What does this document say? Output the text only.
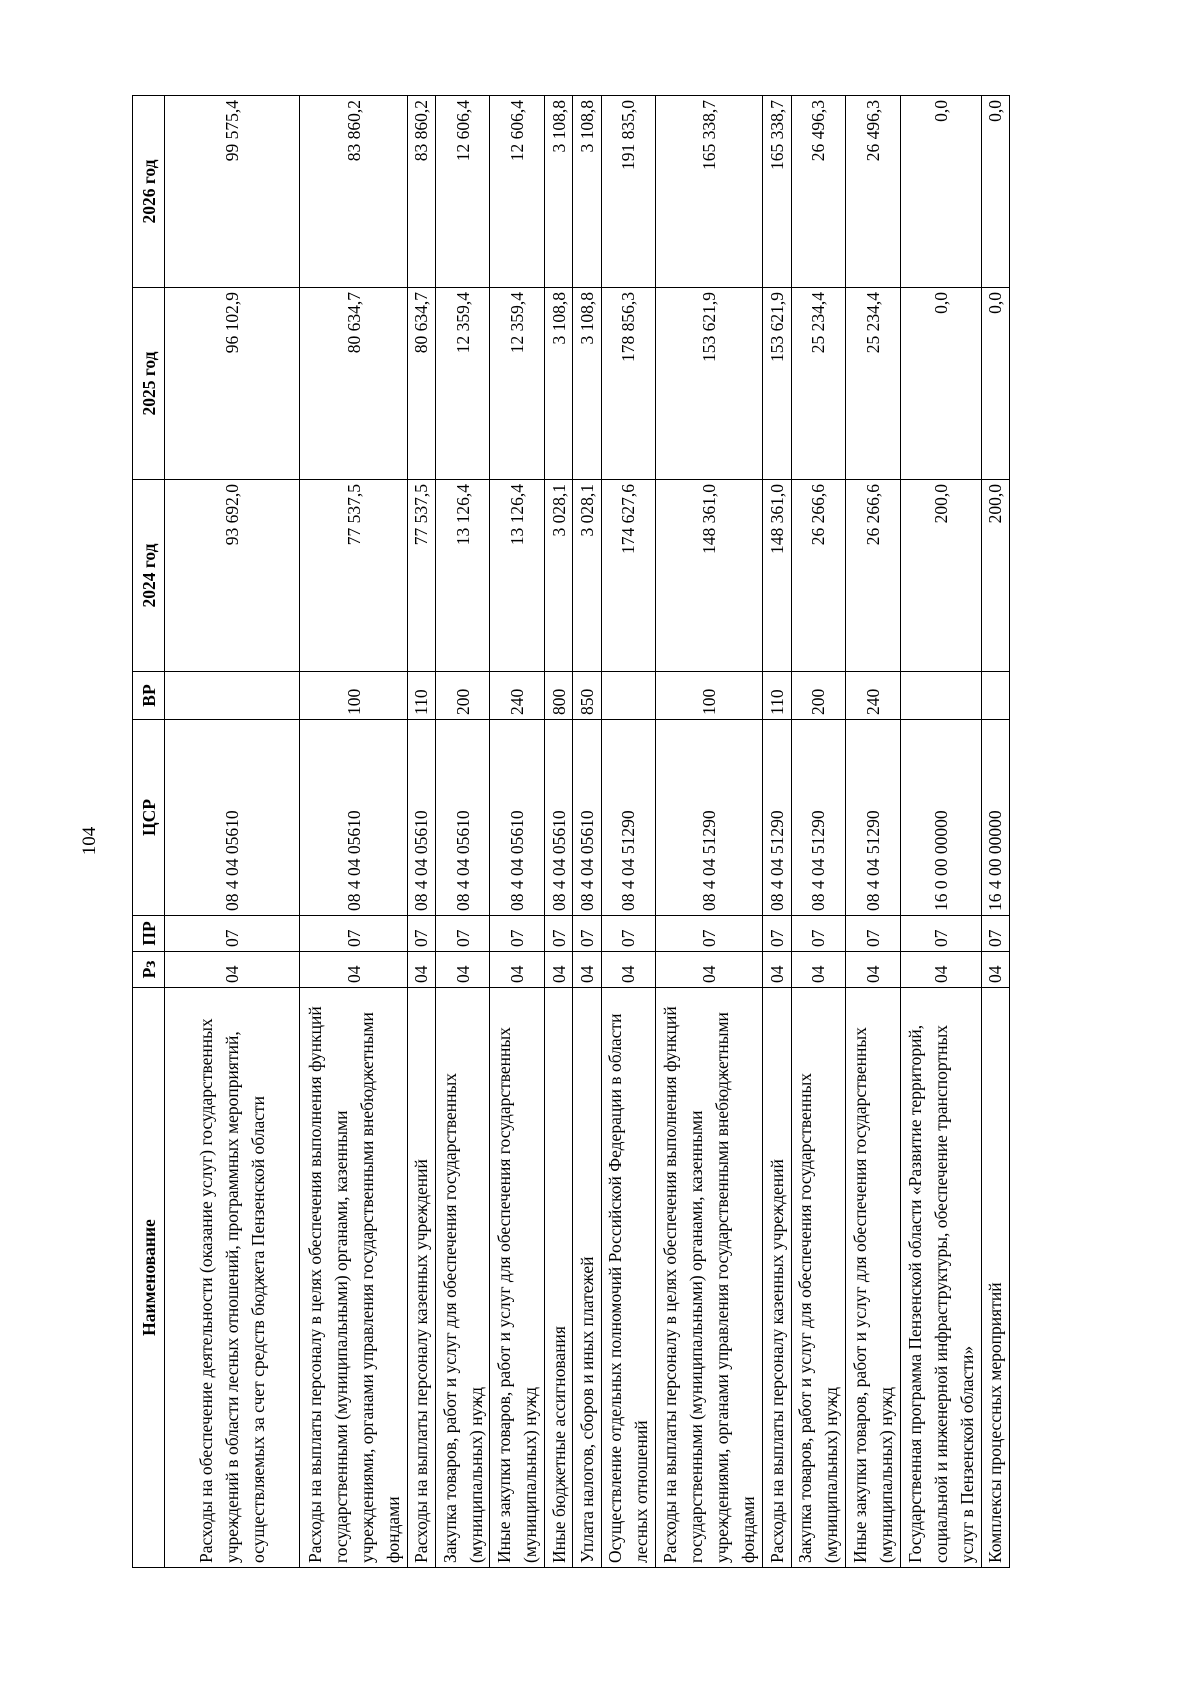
104
Наименование	Рз	ПР	ЦСР	ВР	2024 год	2025 год	2026 год
Расходы на обеспечение деятельности (оказание услуг) государственных учреждений в области лесных отношений, программных мероприятий, осуществляемых за счет средств бюджета Пензенской области	04	07	08 4 04 05610		93 692,0	96 102,9	99 575,4
Расходы на выплаты персоналу в целях обеспечения выполнения функций государственными (муниципальными) органами, казенными учреждениями, органами управления государственными внебюджетными фондами	04	07	08 4 04 05610	100	77 537,5	80 634,7	83 860,2
Расходы на выплаты персоналу казенных учреждений	04	07	08 4 04 05610	110	77 537,5	80 634,7	83 860,2
Закупка товаров, работ и услуг для обеспечения государственных (муниципальных) нужд	04	07	08 4 04 05610	200	13 126,4	12 359,4	12 606,4
Иные закупки товаров, работ и услуг для обеспечения государственных (муниципальных) нужд	04	07	08 4 04 05610	240	13 126,4	12 359,4	12 606,4
Иные бюджетные ассигнования	04	07	08 4 04 05610	800	3 028,1	3 108,8	3 108,8
Уплата налогов, сборов и иных платежей	04	07	08 4 04 05610	850	3 028,1	3 108,8	3 108,8
Осуществление отдельных полномочий Российской Федерации в области лесных отношений	04	07	08 4 04 51290		174 627,6	178 856,3	191 835,0
Расходы на выплаты персоналу в целях обеспечения выполнения функций государственными (муниципальными) органами, казенными учреждениями, органами управления государственными внебюджетными фондами	04	07	08 4 04 51290	100	148 361,0	153 621,9	165 338,7
Расходы на выплаты персоналу казенных учреждений	04	07	08 4 04 51290	110	148 361,0	153 621,9	165 338,7
Закупка товаров, работ и услуг для обеспечения государственных (муниципальных) нужд	04	07	08 4 04 51290	200	26 266,6	25 234,4	26 496,3
Иные закупки товаров, работ и услуг для обеспечения государственных (муниципальных) нужд	04	07	08 4 04 51290	240	26 266,6	25 234,4	26 496,3
Государственная программа Пензенской области «Развитие территорий, социальной и инженерной инфраструктуры, обеспечение транспортных услуг в Пензенской области»	04	07	16 0 00 00000		200,0	0,0	0,0
Комплексы процессных мероприятий	04	07	16 4 00 00000		200,0	0,0	0,0
